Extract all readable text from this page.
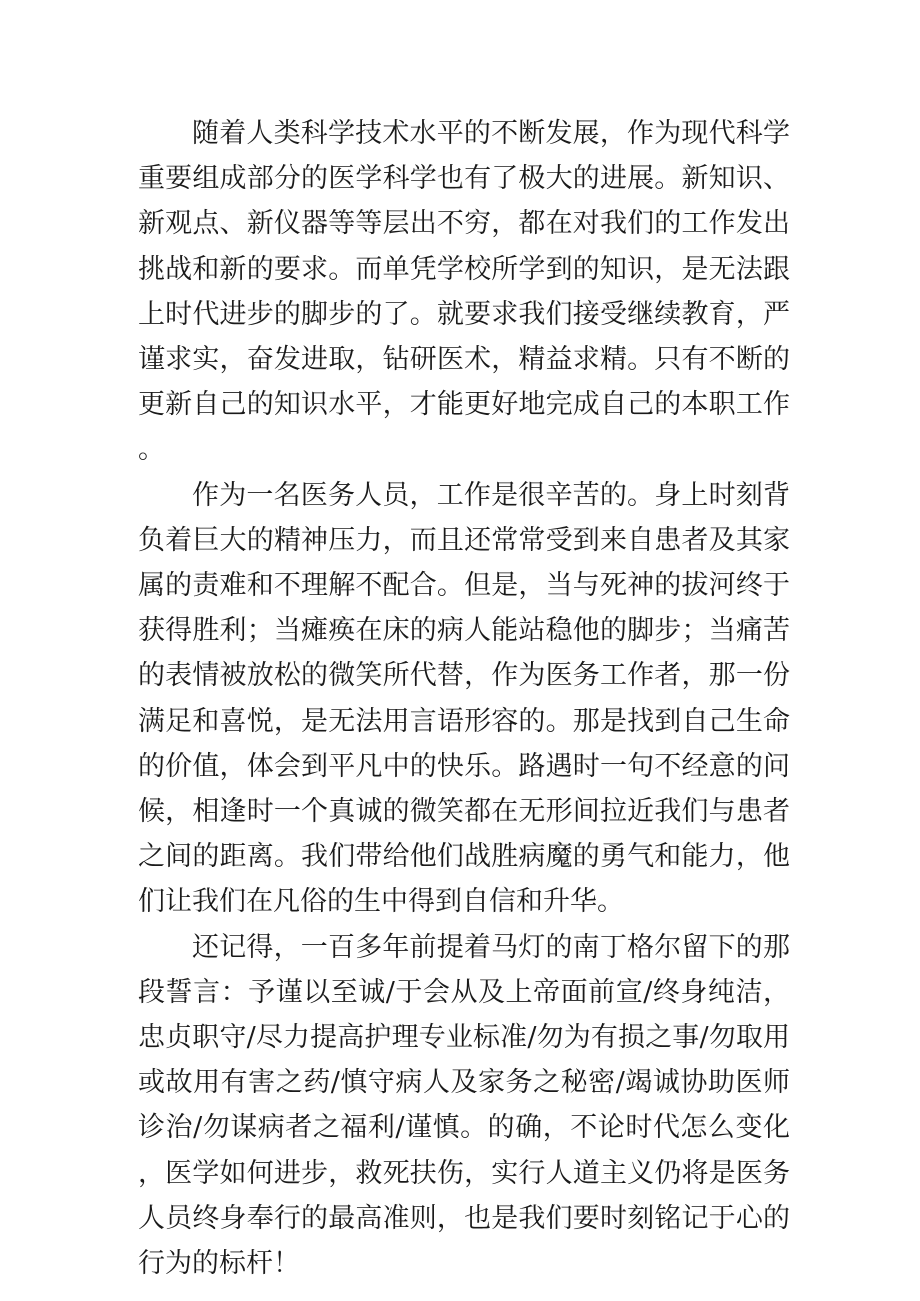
随着人类科学技术水平的不断发展，作为现代科学重要组成部分的医学科学也有了极大的进展。新知识、新观点、新仪器等等层出不穷，都在对我们的工作发出挑战和新的要求。而单凭学校所学到的知识，是无法跟上时代进步的脚步的了。就要求我们接受继续教育，严谨求实，奋发进取，钻研医术，精益求精。只有不断的更新自己的知识水平，才能更好地完成自己的本职工作。

作为一名医务人员，工作是很辛苦的。身上时刻背负着巨大的精神压力，而且还常常受到来自患者及其家属的责难和不理解不配合。但是，当与死神的拔河终于获得胜利；当瘫痪在床的病人能站稳他的脚步；当痛苦的表情被放松的微笑所代替，作为医务工作者，那一份满足和喜悦，是无法用言语形容的。那是找到自己生命的价值，体会到平凡中的快乐。路遇时一句不经意的问候，相逢时一个真诚的微笑都在无形间拉近我们与患者之间的距离。我们带给他们战胜病魔的勇气和能力，他们让我们在凡俗的生中得到自信和升华。

还记得，一百多年前提着马灯的南丁格尔留下的那段誓言：予谨以至诚/于会从及上帝面前宣/终身纯洁，忠贞职守/尽力提高护理专业标准/勿为有损之事/勿取用或故用有害之药/慎守病人及家务之秘密/竭诚协助医师诊治/勿谋病者之福利/谨慎。的确，不论时代怎么变化，医学如何进步，救死扶伤，实行人道主义仍将是医务人员终身奉行的最高准则，也是我们要时刻铭记于心的行为的标杆！
